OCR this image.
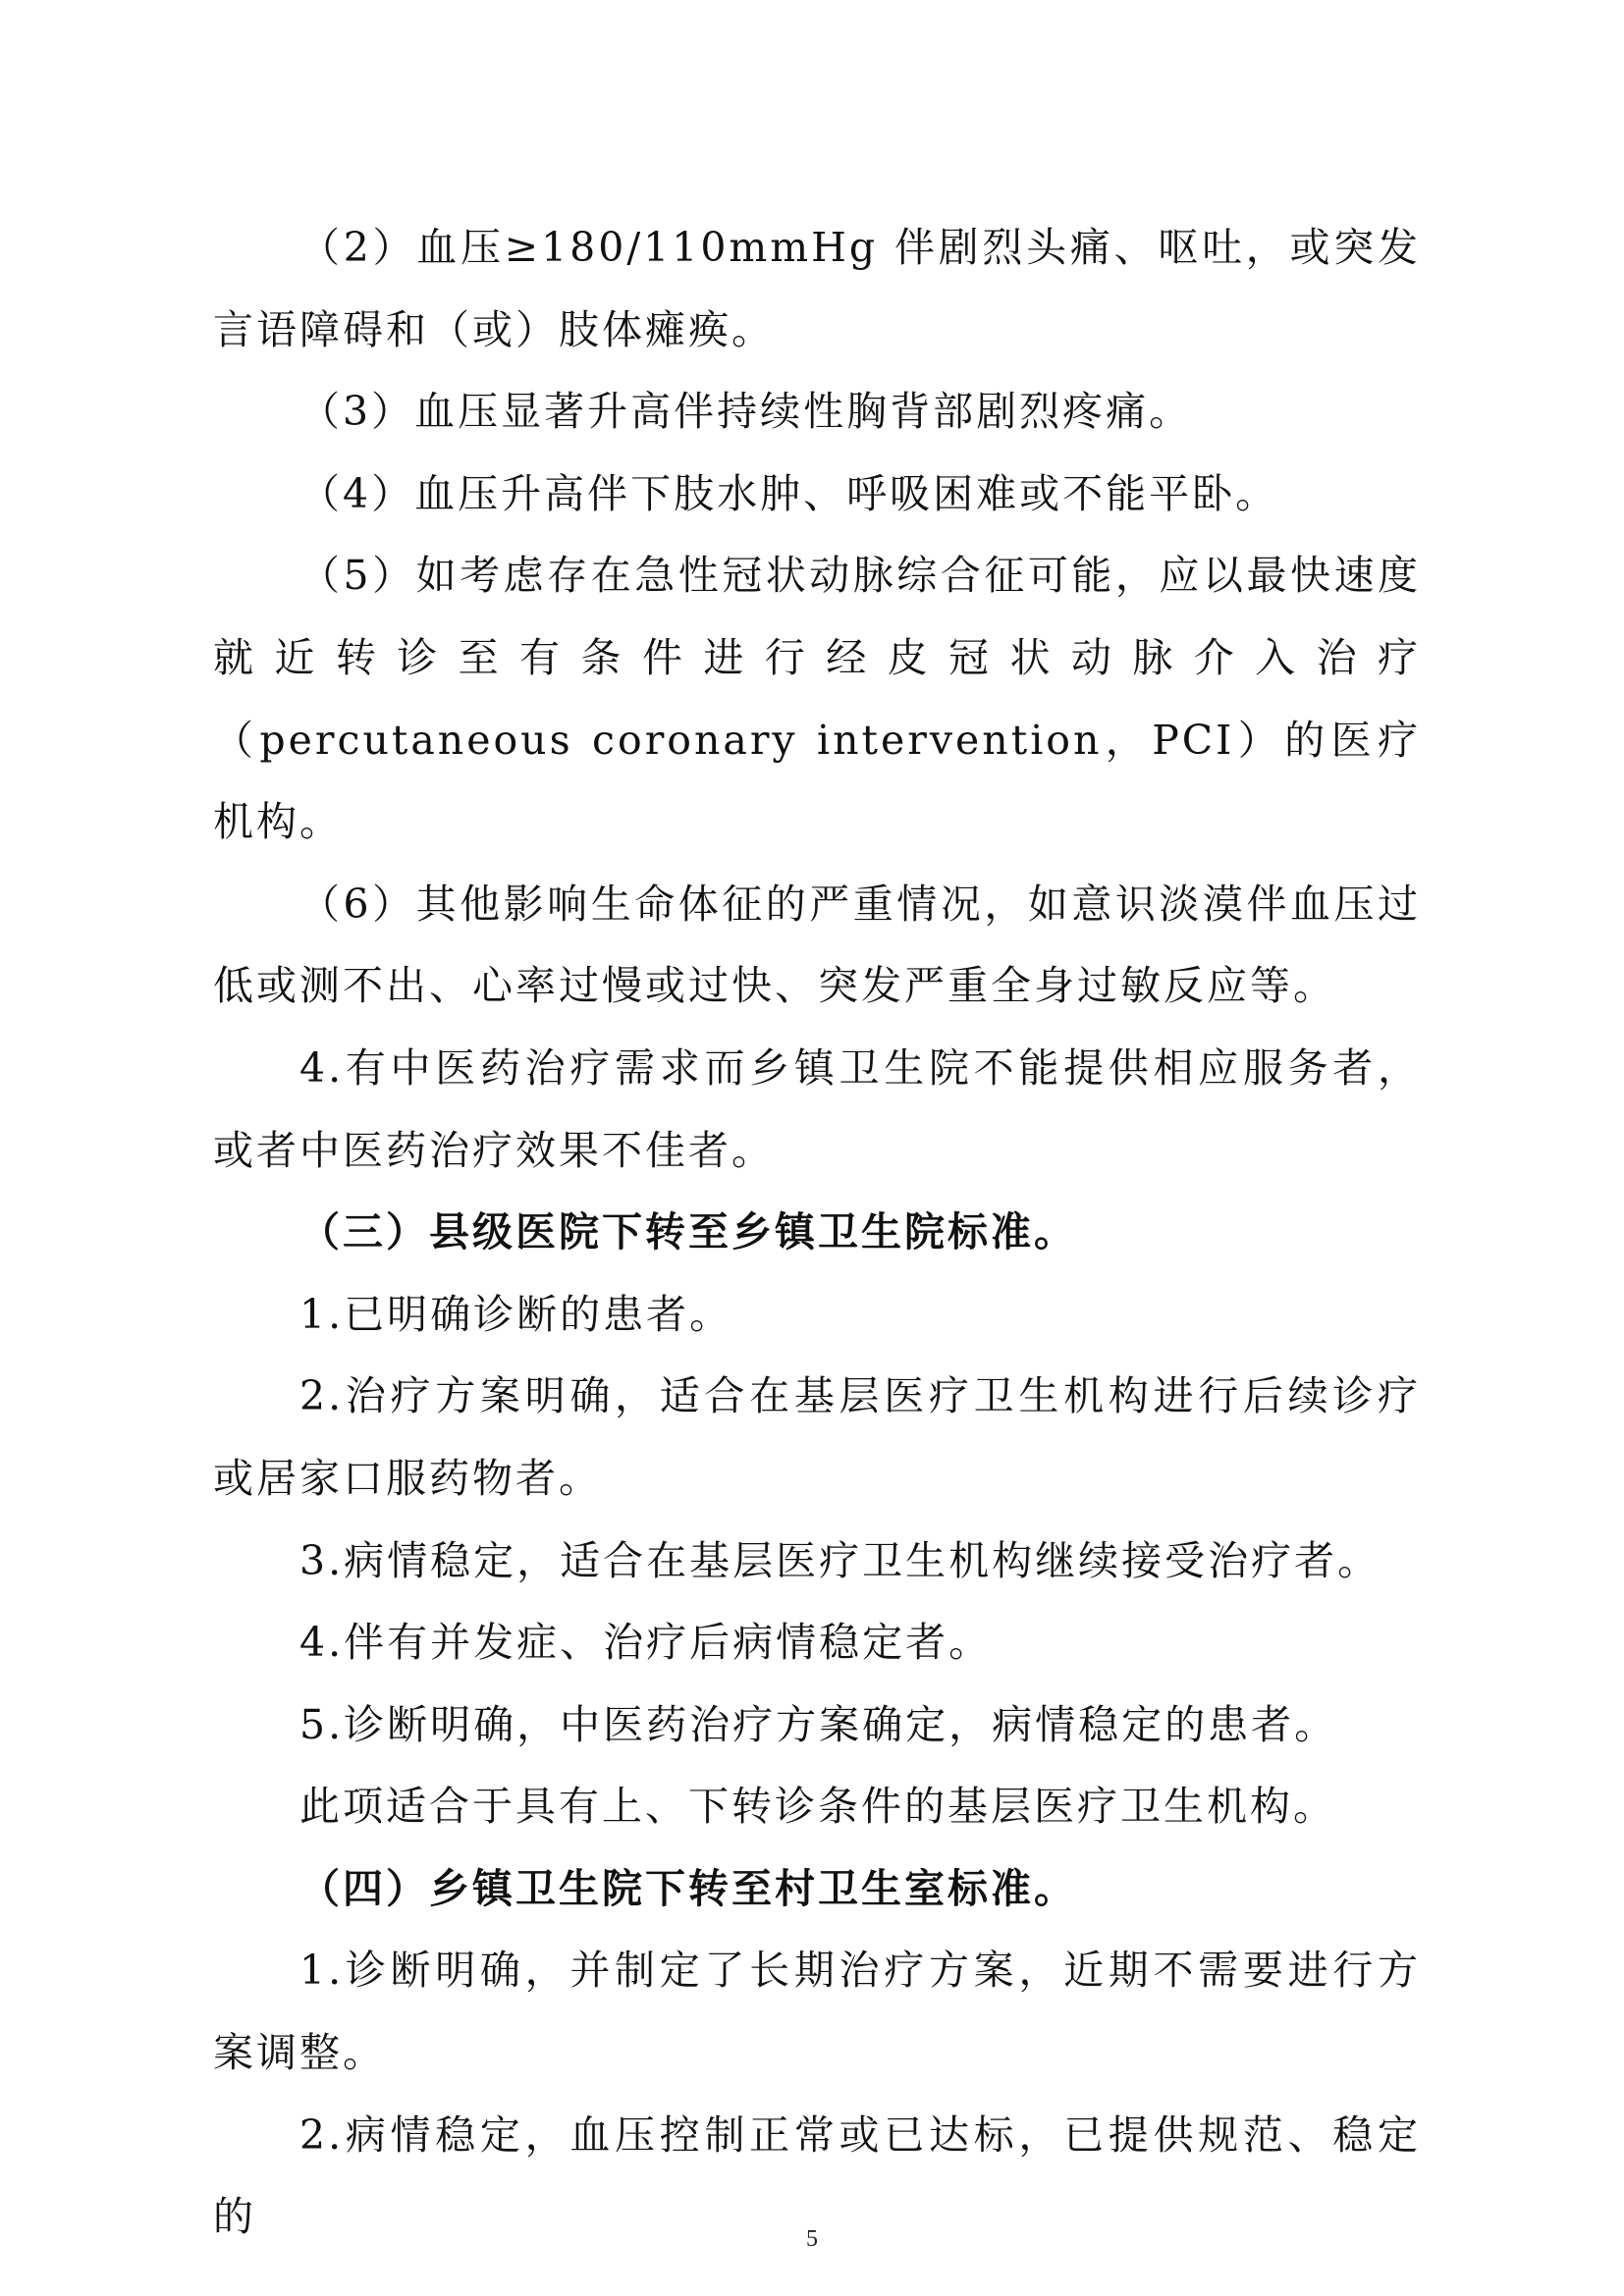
（2）血压≥180/110mmHg 伴剧烈头痛、呕吐，或突发言语障碍和（或）肢体瘫痪。

（3）血压显著升高伴持续性胸背部剧烈疼痛。

（4）血压升高伴下肢水肿、呼吸困难或不能平卧。

（5）如考虑存在急性冠状动脉综合征可能，应以最快速度就近转诊至有条件进行经皮冠状动脉介入治疗（percutaneous coronary intervention，PCI）的医疗机构。

（6）其他影响生命体征的严重情况，如意识淡漠伴血压过低或测不出、心率过慢或过快、突发严重全身过敏反应等。

4.有中医药治疗需求而乡镇卫生院不能提供相应服务者，或者中医药治疗效果不佳者。

（三）县级医院下转至乡镇卫生院标准。

1.已明确诊断的患者。

2.治疗方案明确，适合在基层医疗卫生机构进行后续诊疗或居家口服药物者。

3.病情稳定，适合在基层医疗卫生机构继续接受治疗者。

4.伴有并发症、治疗后病情稳定者。

5.诊断明确，中医药治疗方案确定，病情稳定的患者。

此项适合于具有上、下转诊条件的基层医疗卫生机构。

（四）乡镇卫生院下转至村卫生室标准。

1.诊断明确，并制定了长期治疗方案，近期不需要进行方案调整。

2.病情稳定，血压控制正常或已达标，已提供规范、稳定的	5
